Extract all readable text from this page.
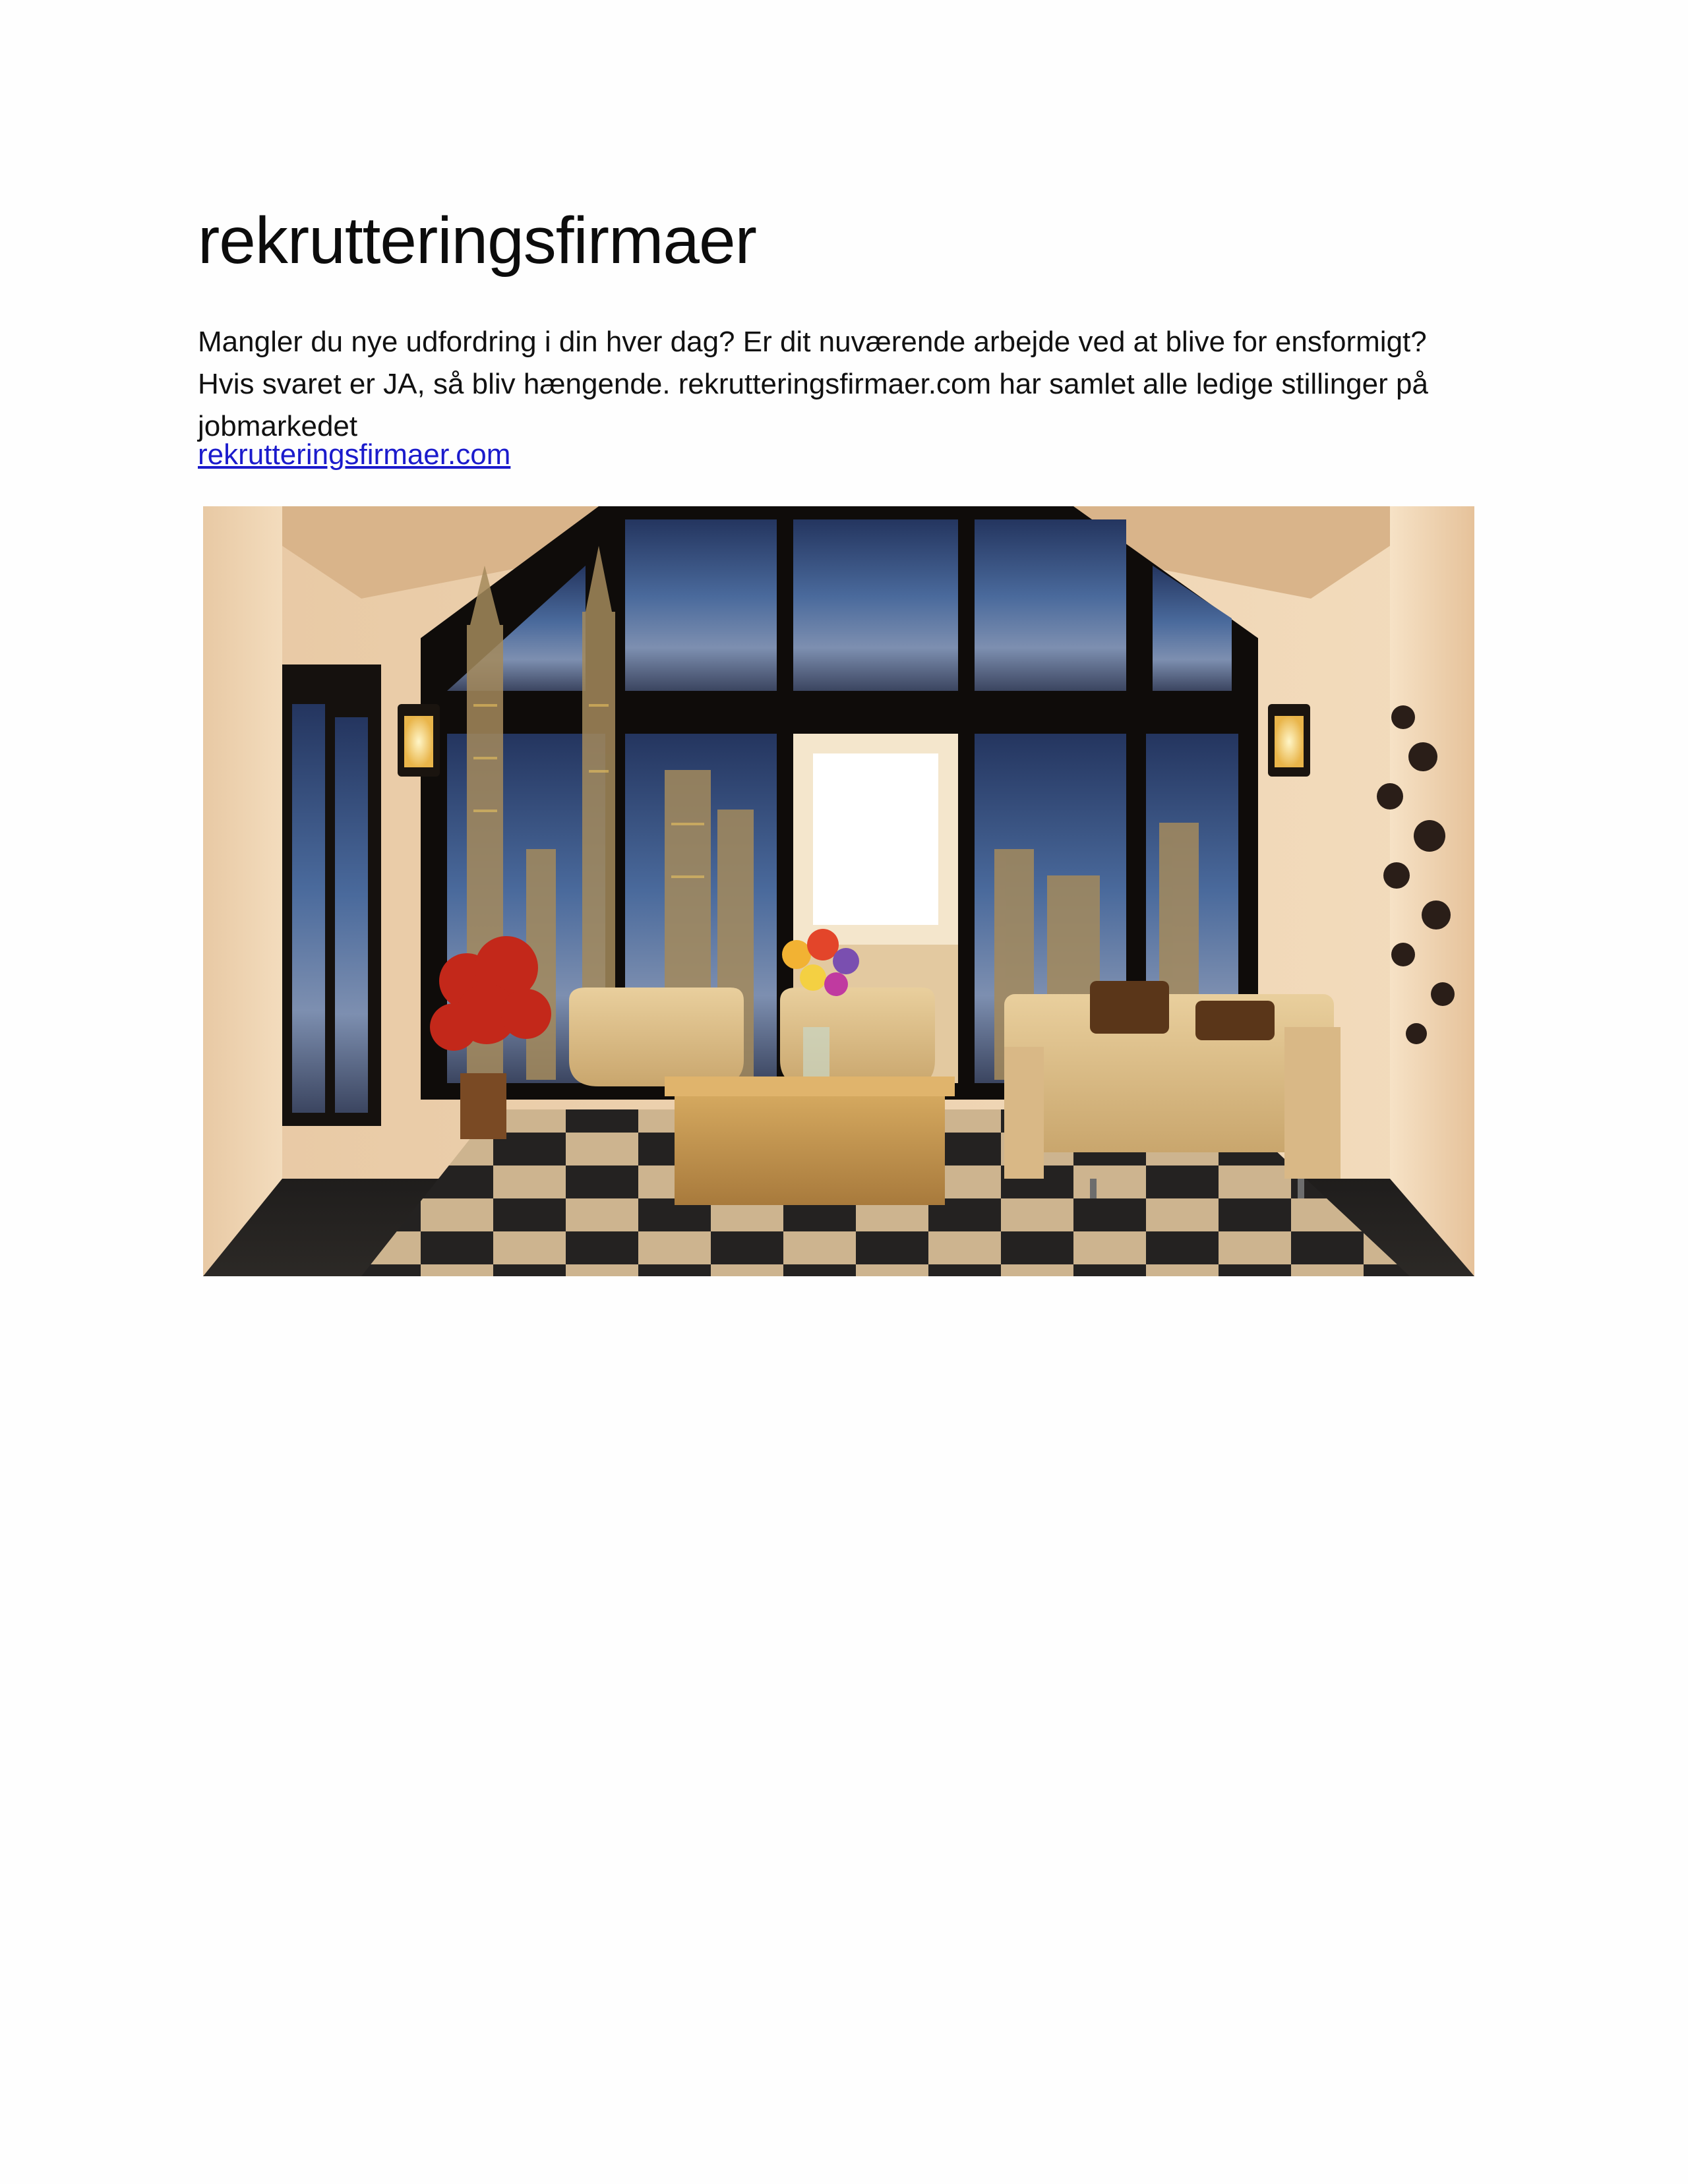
rekrutteringsfirmaer

Mangler du nye udfordring i din hver dag? Er dit nuværende arbejde ved at blive for ensformigt? Hvis svaret er JA, så bliv hængende. rekrutteringsfirmaer.com har samlet alle ledige stillinger på jobmarkedet

rekrutteringsfirmaer.com
